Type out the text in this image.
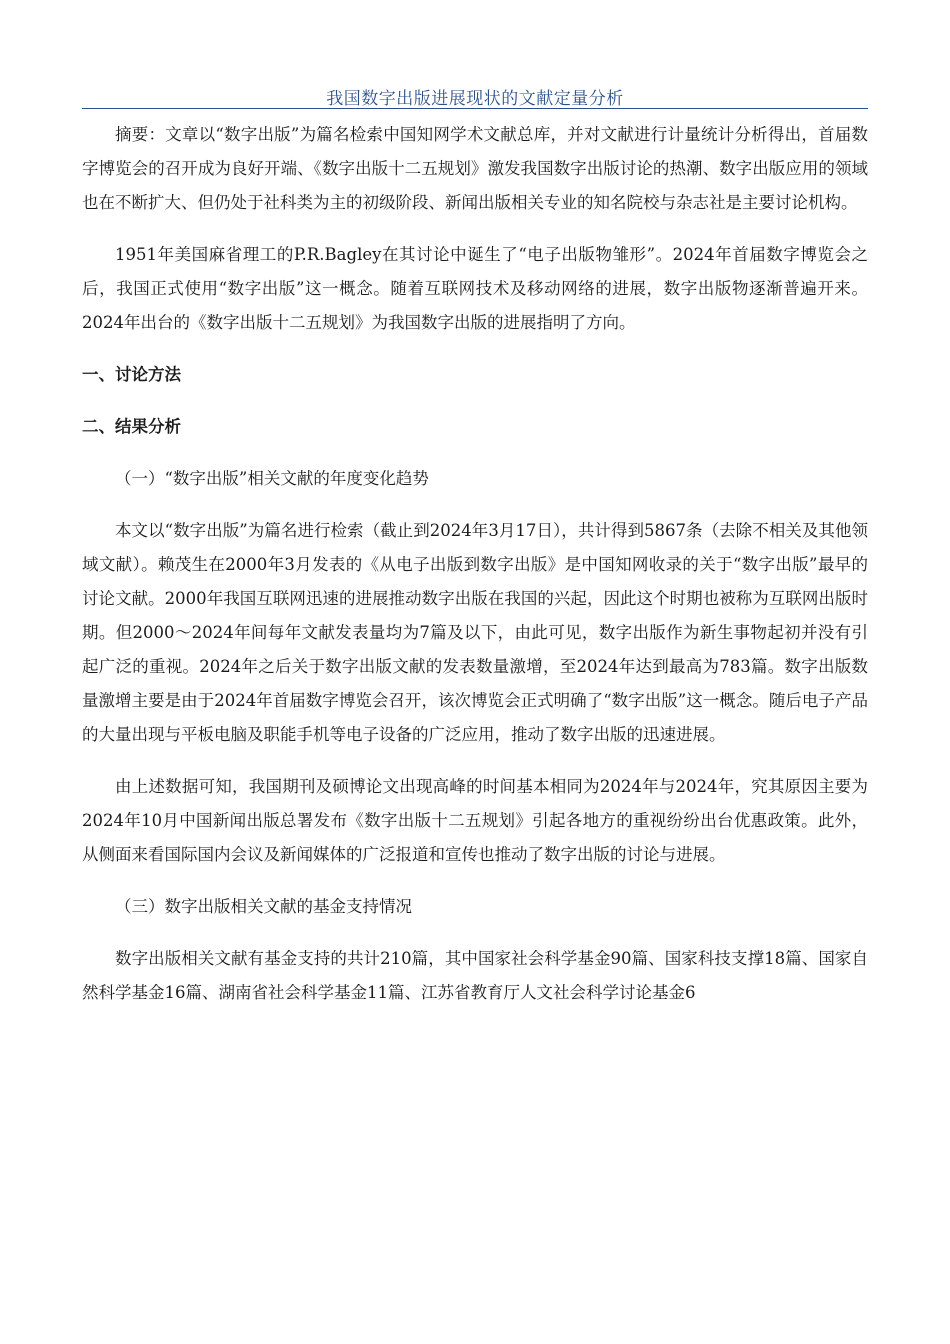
我国数字出版进展现状的文献定量分析

摘要：文章以“数字出版”为篇名检索中国知网学术文献总库，并对文献进行计量统计分析得出，首届数字博览会的召开成为良好开端、《数字出版十二五规划》激发我国数字出版讨论的热潮、数字出版应用的领域也在不断扩大、但仍处于社科类为主的初级阶段、新闻出版相关专业的知名院校与杂志社是主要讨论机构。

1951年美国麻省理工的P.R.Bagley在其讨论中诞生了“电子出版物雏形”。2024年首届数字博览会之后，我国正式使用“数字出版”这一概念。随着互联网技术及移动网络的进展，数字出版物逐渐普遍开来。2024年出台的《数字出版十二五规划》为我国数字出版的进展指明了方向。

一、讨论方法

二、结果分析

（一）“数字出版”相关文献的年度变化趋势

本文以“数字出版”为篇名进行检索（截止到2024年3月17日），共计得到5867条（去除不相关及其他领域文献）。赖茂生在2000年3月发表的《从电子出版到数字出版》是中国知网收录的关于“数字出版”最早的讨论文献。2000年我国互联网迅速的进展推动数字出版在我国的兴起，因此这个时期也被称为互联网出版时期。但2000～2024年间每年文献发表量均为7篇及以下，由此可见，数字出版作为新生事物起初并没有引起广泛的重视。2024年之后关于数字出版文献的发表数量激增，至2024年达到最高为783篇。数字出版数量激增主要是由于2024年首届数字博览会召开，该次博览会正式明确了“数字出版”这一概念。随后电子产品的大量出现与平板电脑及职能手机等电子设备的广泛应用，推动了数字出版的迅速进展。

由上述数据可知，我国期刊及硕博论文出现高峰的时间基本相同为2024年与2024年，究其原因主要为2024年10月中国新闻出版总署发布《数字出版十二五规划》引起各地方的重视纷纷出台优惠政策。此外，从侧面来看国际国内会议及新闻媒体的广泛报道和宣传也推动了数字出版的讨论与进展。

（三）数字出版相关文献的基金支持情况

数字出版相关文献有基金支持的共计210篇，其中国家社会科学基金90篇、国家科技支撑18篇、国家自然科学基金16篇、湖南省社会科学基金11篇、江苏省教育厅人文社会科学讨论基金6
